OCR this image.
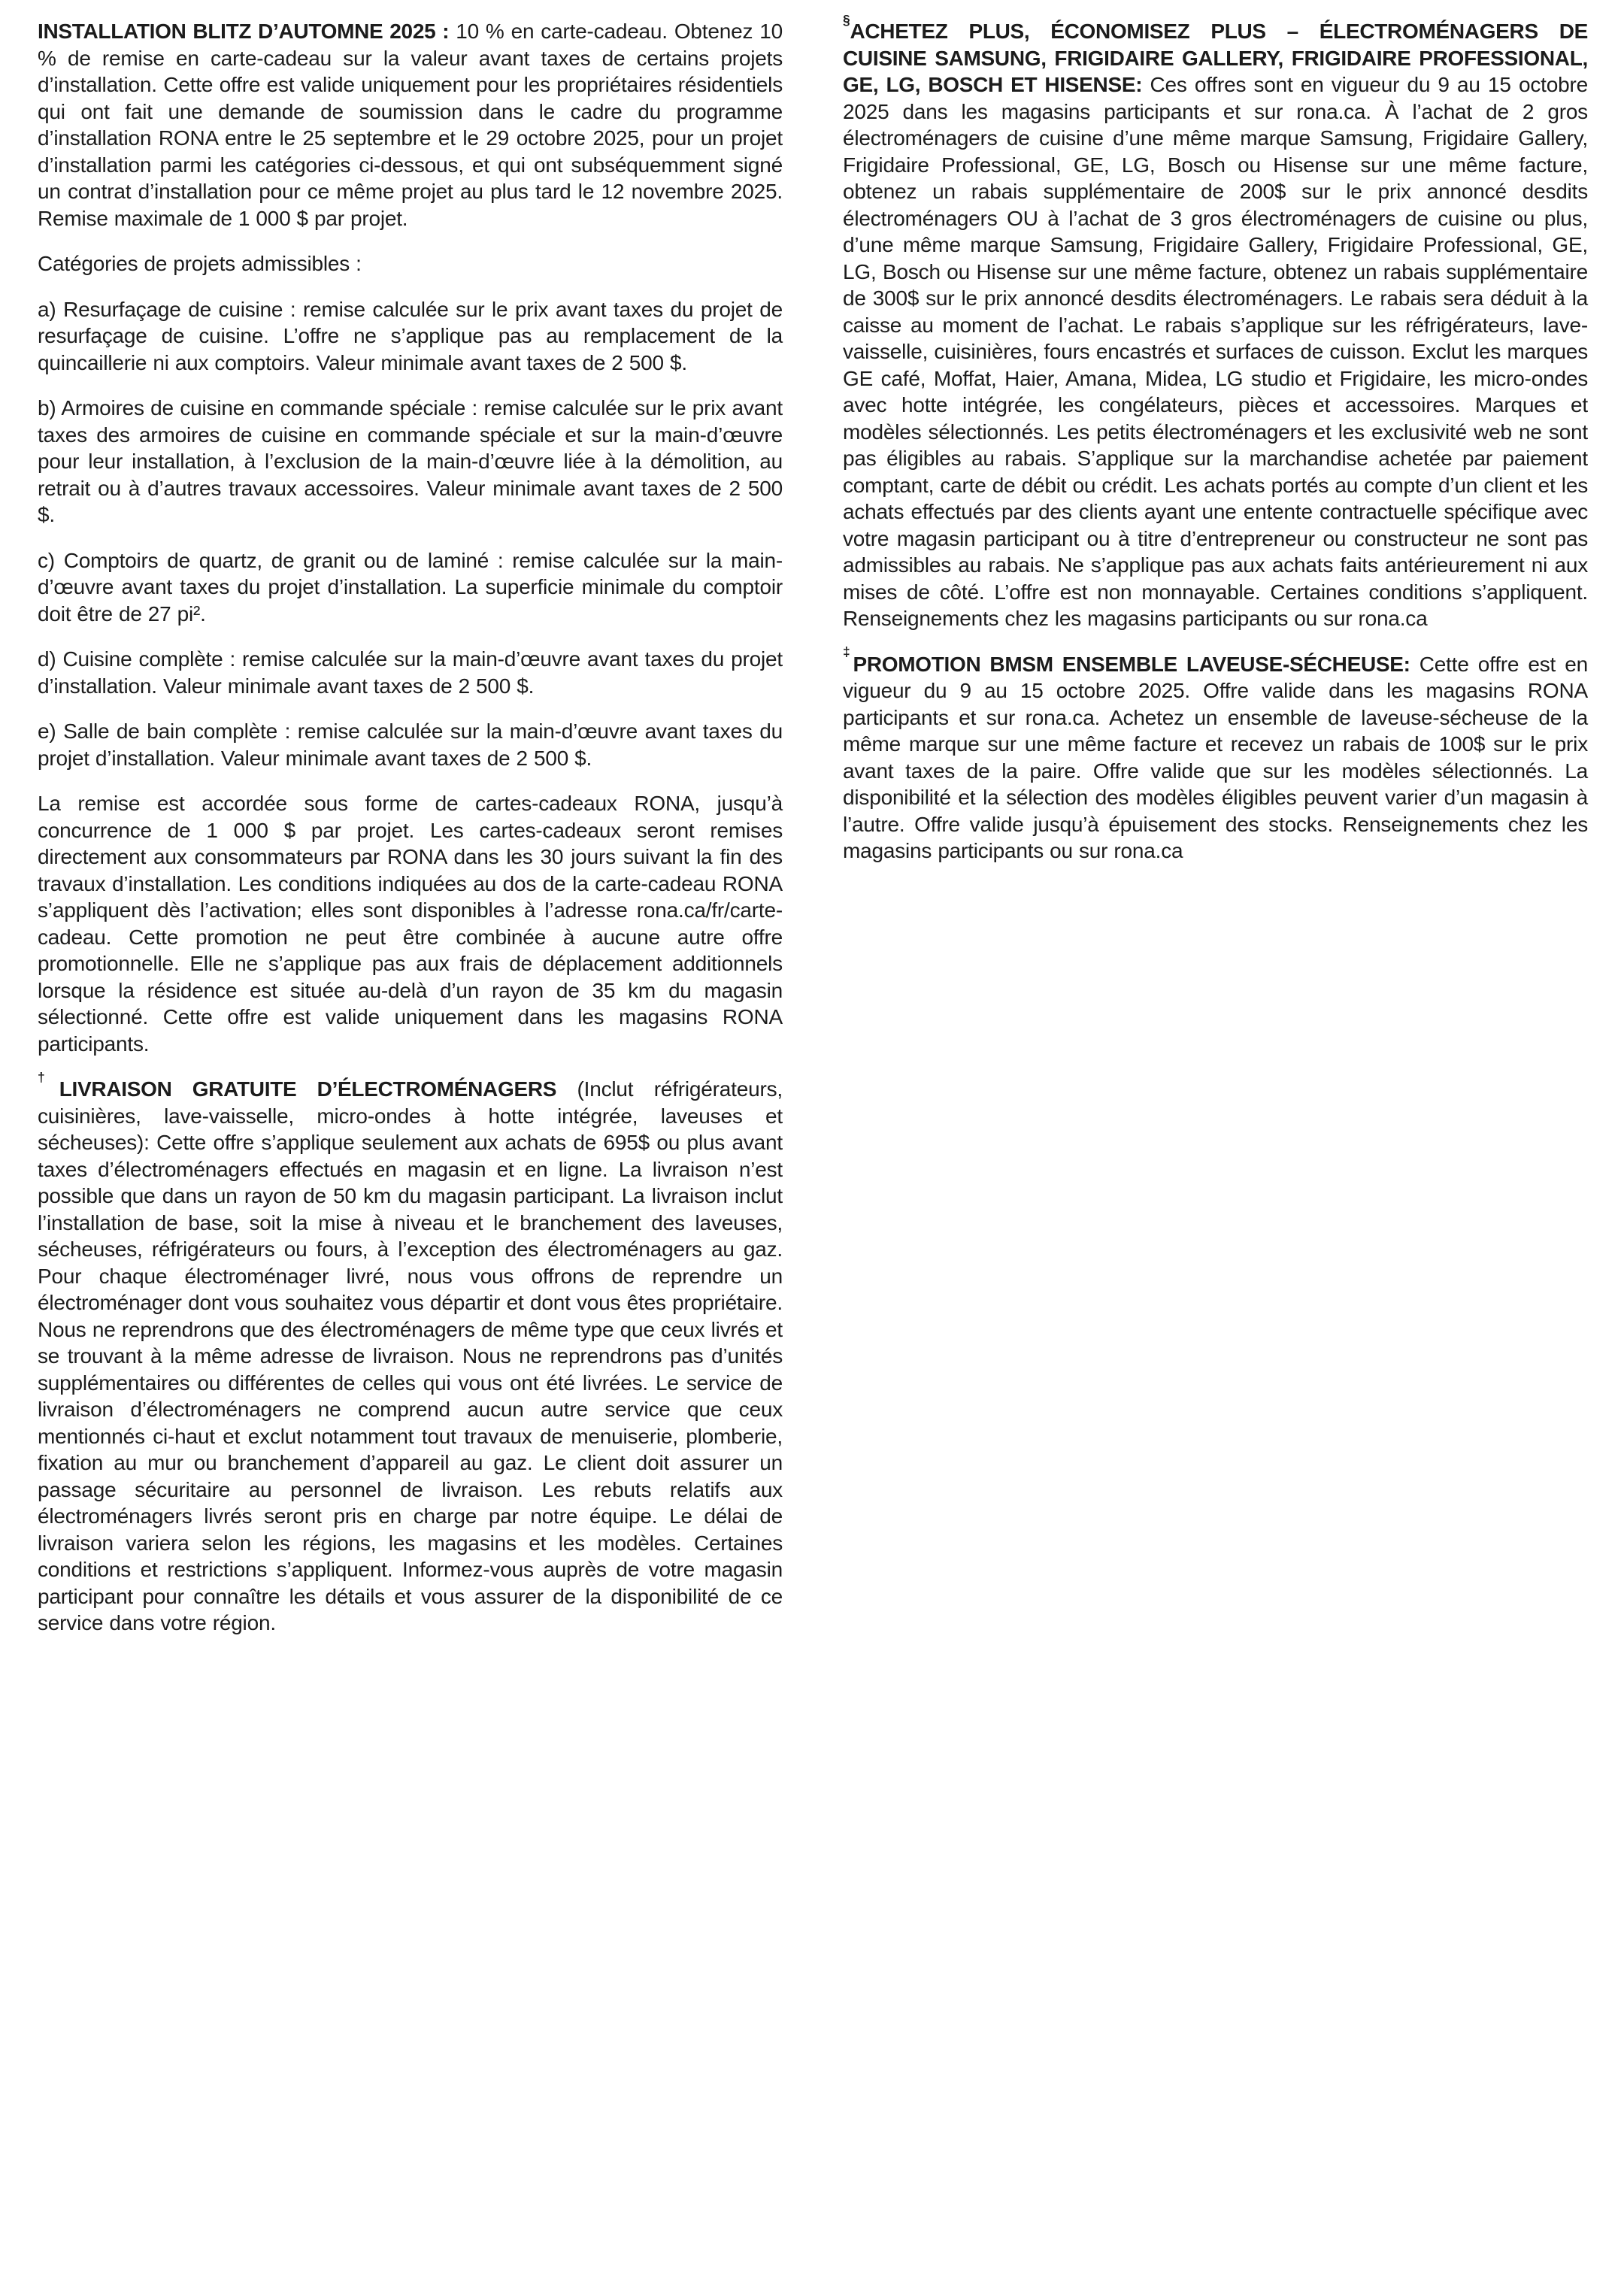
INSTALLATION BLITZ D’AUTOMNE 2025 : 10 % en carte-cadeau. Obtenez 10 % de remise en carte-cadeau sur la valeur avant taxes de certains projets d’installation. Cette offre est valide uniquement pour les propriétaires résidentiels qui ont fait une demande de soumission dans le cadre du programme d’installation RONA entre le 25 septembre et le 29 octobre 2025, pour un projet d’installation parmi les catégories ci-dessous, et qui ont subséquemment signé un contrat d’installation pour ce même projet au plus tard le 12 novembre 2025. Remise maximale de 1 000 $ par projet.

Catégories de projets admissibles :

a) Resurfaçage de cuisine : remise calculée sur le prix avant taxes du projet de resurfaçage de cuisine. L’offre ne s’applique pas au remplacement de la quincaillerie ni aux comptoirs. Valeur minimale avant taxes de 2 500 $.

b) Armoires de cuisine en commande spéciale : remise calculée sur le prix avant taxes des armoires de cuisine en commande spéciale et sur la main-d’œuvre pour leur installation, à l’exclusion de la main-d’œuvre liée à la démolition, au retrait ou à d’autres travaux accessoires. Valeur minimale avant taxes de 2 500 $.

c) Comptoirs de quartz, de granit ou de laminé : remise calculée sur la main-d’œuvre avant taxes du projet d’installation. La superficie minimale du comptoir doit être de 27 pi².

d) Cuisine complète : remise calculée sur la main-d’œuvre avant taxes du projet d’installation. Valeur minimale avant taxes de 2 500 $.

e) Salle de bain complète : remise calculée sur la main-d’œuvre avant taxes du projet d’installation. Valeur minimale avant taxes de 2 500 $.

La remise est accordée sous forme de cartes-cadeaux RONA, jusqu’à concurrence de 1 000 $ par projet. Les cartes-cadeaux seront remises directement aux consommateurs par RONA dans les 30 jours suivant la fin des travaux d’installation. Les conditions indiquées au dos de la carte-cadeau RONA s’appliquent dès l’activation; elles sont disponibles à l’adresse rona.ca/fr/carte-cadeau. Cette promotion ne peut être combinée à aucune autre offre promotionnelle. Elle ne s’applique pas aux frais de déplacement additionnels lorsque la résidence est située au-delà d’un rayon de 35 km du magasin sélectionné. Cette offre est valide uniquement dans les magasins RONA participants.

†LIVRAISON GRATUITE D’ÉLECTROMÉNAGERS (Inclut réfrigérateurs, cuisinières, lave-vaisselle, micro-ondes à hotte intégrée, laveuses et sécheuses): Cette offre s’applique seulement aux achats de 695$ ou plus avant taxes d’électroménagers effectués en magasin et en ligne. La livraison n’est possible que dans un rayon de 50 km du magasin participant. La livraison inclut l’installation de base, soit la mise à niveau et le branchement des laveuses, sécheuses, réfrigérateurs ou fours, à l’exception des électroménagers au gaz. Pour chaque électroménager livré, nous vous offrons de reprendre un électroménager dont vous souhaitez vous départir et dont vous êtes propriétaire. Nous ne reprendrons que des électroménagers de même type que ceux livrés et se trouvant à la même adresse de livraison. Nous ne reprendrons pas d’unités supplémentaires ou différentes de celles qui vous ont été livrées. Le service de livraison d’électroménagers ne comprend aucun autre service que ceux mentionnés ci-haut et exclut notamment tout travaux de menuiserie, plomberie, fixation au mur ou branchement d’appareil au gaz. Le client doit assurer un passage sécuritaire au personnel de livraison. Les rebuts relatifs aux électroménagers livrés seront pris en charge par notre équipe. Le délai de livraison variera selon les régions, les magasins et les modèles. Certaines conditions et restrictions s’appliquent. Informez-vous auprès de votre magasin participant pour connaître les détails et vous assurer de la disponibilité de ce service dans votre région.

§ACHETEZ PLUS, ÉCONOMISEZ PLUS – ÉLECTROMÉNAGERS DE CUISINE SAMSUNG, FRIGIDAIRE GALLERY, FRIGIDAIRE PROFESSIONAL, GE, LG, BOSCH ET HISENSE: Ces offres sont en vigueur du 9 au 15 octobre 2025 dans les magasins participants et sur rona.ca. À l’achat de 2 gros électroménagers de cuisine d’une même marque Samsung, Frigidaire Gallery, Frigidaire Professional, GE, LG, Bosch ou Hisense sur une même facture, obtenez un rabais supplémentaire de 200$ sur le prix annoncé desdits électroménagers OU à l’achat de 3 gros électroménagers de cuisine ou plus, d’une même marque Samsung, Frigidaire Gallery, Frigidaire Professional, GE, LG, Bosch ou Hisense sur une même facture, obtenez un rabais supplémentaire de 300$ sur le prix annoncé desdits électroménagers. Le rabais sera déduit à la caisse au moment de l’achat. Le rabais s’applique sur les réfrigérateurs, lave-vaisselle, cuisinières, fours encastrés et surfaces de cuisson. Exclut les marques GE café, Moffat, Haier, Amana, Midea, LG studio et Frigidaire, les micro-ondes avec hotte intégrée, les congélateurs, pièces et accessoires. Marques et modèles sélectionnés. Les petits électroménagers et les exclusivité web ne sont pas éligibles au rabais. S’applique sur la marchandise achetée par paiement comptant, carte de débit ou crédit. Les achats portés au compte d’un client et les achats effectués par des clients ayant une entente contractuelle spécifique avec votre magasin participant ou à titre d’entrepreneur ou constructeur ne sont pas admissibles au rabais. Ne s’applique pas aux achats faits antérieurement ni aux mises de côté. L’offre est non monnayable. Certaines conditions s’appliquent. Renseignements chez les magasins participants ou sur rona.ca

‡PROMOTION BMSM ENSEMBLE LAVEUSE-SÉCHEUSE: Cette offre est en vigueur du 9 au 15 octobre 2025. Offre valide dans les magasins RONA participants et sur rona.ca. Achetez un ensemble de laveuse-sécheuse de la même marque sur une même facture et recevez un rabais de 100$ sur le prix avant taxes de la paire. Offre valide que sur les modèles sélectionnés. La disponibilité et la sélection des modèles éligibles peuvent varier d’un magasin à l’autre. Offre valide jusqu’à épuisement des stocks. Renseignements chez les magasins participants ou sur rona.ca
